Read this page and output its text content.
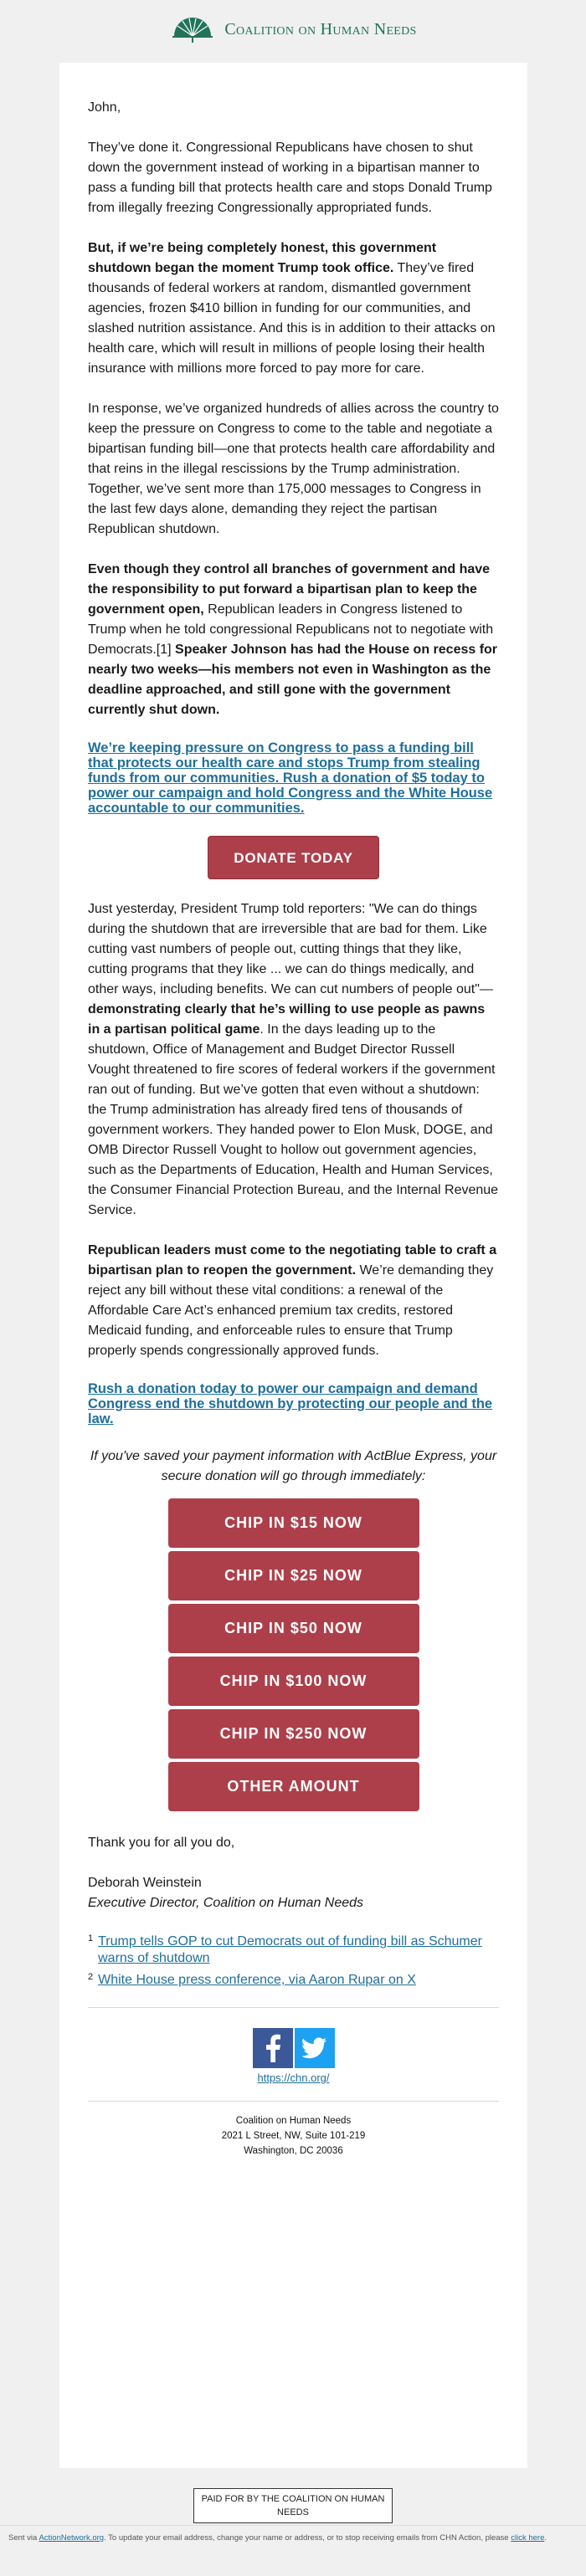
Coalition on Human Needs

John,

They’ve done it. Congressional Republicans have chosen to shut down the government instead of working in a bipartisan manner to pass a funding bill that protects health care and stops Donald Trump from illegally freezing Congressionally appropriated funds.

But, if we’re being completely honest, this government shutdown began the moment Trump took office. They’ve fired thousands of federal workers at random, dismantled government agencies, frozen $410 billion in funding for our communities, and slashed nutrition assistance. And this is in addition to their attacks on health care, which will result in millions of people losing their health insurance with millions more forced to pay more for care.

In response, we’ve organized hundreds of allies across the country to keep the pressure on Congress to come to the table and negotiate a bipartisan funding bill—one that protects health care affordability and that reins in the illegal rescissions by the Trump administration. Together, we’ve sent more than 175,000 messages to Congress in the last few days alone, demanding they reject the partisan Republican shutdown.

Even though they control all branches of government and have the responsibility to put forward a bipartisan plan to keep the government open, Republican leaders in Congress listened to Trump when he told congressional Republicans not to negotiate with Democrats.[1] Speaker Johnson has had the House on recess for nearly two weeks—his members not even in Washington as the deadline approached, and still gone with the government currently shut down.

We’re keeping pressure on Congress to pass a funding bill that protects our health care and stops Trump from stealing funds from our communities. Rush a donation of $5 today to power our campaign and hold Congress and the White House accountable to our communities.
DONATE TODAY

Just yesterday, President Trump told reporters: "We can do things during the shutdown that are irreversible that are bad for them. Like cutting vast numbers of people out, cutting things that they like, cutting programs that they like ... we can do things medically, and other ways, including benefits. We can cut numbers of people out"—demonstrating clearly that he’s willing to use people as pawns in a partisan political game. In the days leading up to the shutdown, Office of Management and Budget Director Russell Vought threatened to fire scores of federal workers if the government ran out of funding. But we’ve gotten that even without a shutdown: the Trump administration has already fired tens of thousands of government workers. They handed power to Elon Musk, DOGE, and OMB Director Russell Vought to hollow out government agencies, such as the Departments of Education, Health and Human Services, the Consumer Financial Protection Bureau, and the Internal Revenue Service.

Republican leaders must come to the negotiating table to craft a bipartisan plan to reopen the government. We’re demanding they reject any bill without these vital conditions: a renewal of the Affordable Care Act’s enhanced premium tax credits, restored Medicaid funding, and enforceable rules to ensure that Trump properly spends congressionally approved funds.

Rush a donation today to power our campaign and demand Congress end the shutdown by protecting our people and the law.

If you've saved your payment information with ActBlue Express, your secure donation will go through immediately:

CHIP IN $15 NOW
CHIP IN $25 NOW
CHIP IN $50 NOW
CHIP IN $100 NOW
CHIP IN $250 NOW
OTHER AMOUNT

Thank you for all you do,

Deborah Weinstein

Executive Director, Coalition on Human Needs

1 Trump tells GOP to cut Democrats out of funding bill as Schumer warns of shutdown
2 White House press conference, via Aaron Rupar on X
https://chn.org/
Coalition on Human Needs
2021 L Street, NW, Suite 101-219
Washington, DC 20036
PAID FOR BY THE COALITION ON HUMAN NEEDS
Sent via ActionNetwork.org. To update your email address, change your name or address, or to stop receiving emails from CHN Action, please click here.
